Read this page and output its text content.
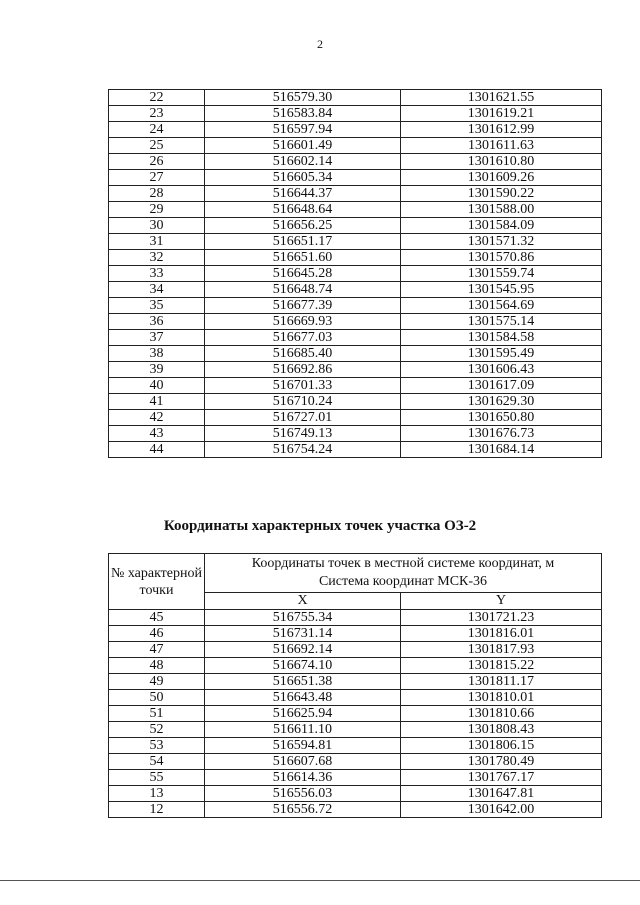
2
22	516579.30	1301621.55
23	516583.84	1301619.21
24	516597.94	1301612.99
25	516601.49	1301611.63
26	516602.14	1301610.80
27	516605.34	1301609.26
28	516644.37	1301590.22
29	516648.64	1301588.00
30	516656.25	1301584.09
31	516651.17	1301571.32
32	516651.60	1301570.86
33	516645.28	1301559.74
34	516648.74	1301545.95
35	516677.39	1301564.69
36	516669.93	1301575.14
37	516677.03	1301584.58
38	516685.40	1301595.49
39	516692.86	1301606.43
40	516701.33	1301617.09
41	516710.24	1301629.30
42	516727.01	1301650.80
43	516749.13	1301676.73
44	516754.24	1301684.14
Координаты характерных точек участка ОЗ-2
№ характерной точки	Координаты точек в местной системе координат, м
Система координат МСК-36	

	X	Y
45	516755.34	1301721.23
46	516731.14	1301816.01
47	516692.14	1301817.93
48	516674.10	1301815.22
49	516651.38	1301811.17
50	516643.48	1301810.01
51	516625.94	1301810.66
52	516611.10	1301808.43
53	516594.81	1301806.15
54	516607.68	1301780.49
55	516614.36	1301767.17
13	516556.03	1301647.81
12	516556.72	1301642.00
